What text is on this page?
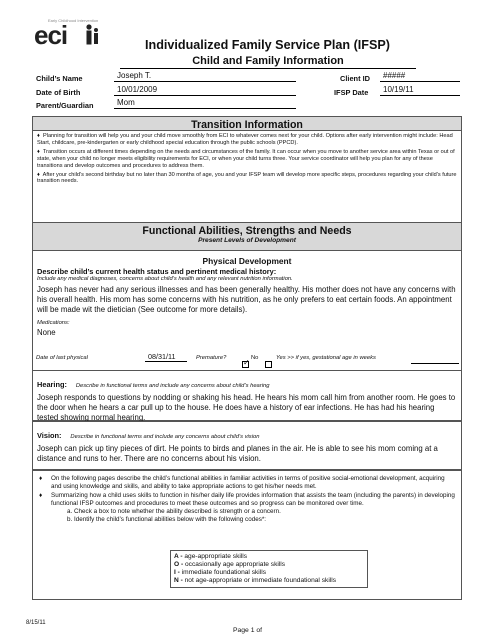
Early Childhood Intervention
eci	Individualized Family Service Plan (IFSP)
Child and Family Information
Child’s Name	Joseph T.
Date of Birth	10/01/2009
Parent/Guardian	Mom
Client ID	#####
IFSP Date	10/19/11
Transition Information
♦  Planning for transition will help you and your child move smoothly from ECI to whatever comes next for your child. Options after early intervention might include: Head Start, childcare, pre-kindergarten or early childhood special education through the public schools (PPCD).
♦  Transition occurs at different times depending on the needs and circumstances of the family. It can occur when you move to another service area within Texas or out of state, when your child no longer meets eligibility requirements for ECI, or when your child turns three. Your service coordinator will help you plan for any of these transitions and develop outcomes and procedures to address them.
♦  After your child’s second birthday but no later than 30 months of age, you and your IFSP team will develop more specific steps, procedures regarding your child’s future transition needs.
Functional Abilities, Strengths and Needs
Present Levels of Development
Physical Development
Describe child’s current health status and pertinent medical history:
Include any medical diagnoses, concerns about child’s health and any relevant nutrition information.
Joseph has never had any serious illnesses and has been generally healthy. His mother does not have any concerns with his overall health. His mom has some concerns with his nutrition, as he only prefers to eat certain foods. An appointment will be made wit the dietician (See outcome for more details).
Medications:
None
Date of last physical	08/31/11	Premature? ✓ No	Yes >> if yes, gestational age in weeks
Hearing: Describe in functional terms and include any concerns about child’s hearing
Joseph responds to questions by nodding or shaking his head. He hears his mom call him from another room. He goes to the door when he hears a car pull up to the house. He does have a history of ear infections. He has had his hearing tested showing normal hearing.
Vision: Describe in functional terms and include any concerns about child’s vision
Joseph can pick up tiny pieces of dirt. He points to birds and planes in the air. He is able to see his mom coming at a distance and runs to her. There are no concerns about his vision.
♦	On the following pages describe the child’s functional abilities in familiar activities in terms of positive social-emotional development, acquiring and using knowledge and skills, and ability to take appropriate actions to get his/her needs met.
♦	Summarizing how a child uses skills to function in his/her daily life provides information that assists the team (including the parents) in developing functional IFSP outcomes and procedures to meet these outcomes and so progress can be monitored over time.
a. Check a box to note whether the ability described is strength or a concern.
b. Identify the child’s functional abilities below with the following codes*:
A - age-appropriate skills
O - occasionally age appropriate skills
I - immediate foundational skills
N - not age-appropriate or immediate foundational skills
Page 1 of
8/15/11
